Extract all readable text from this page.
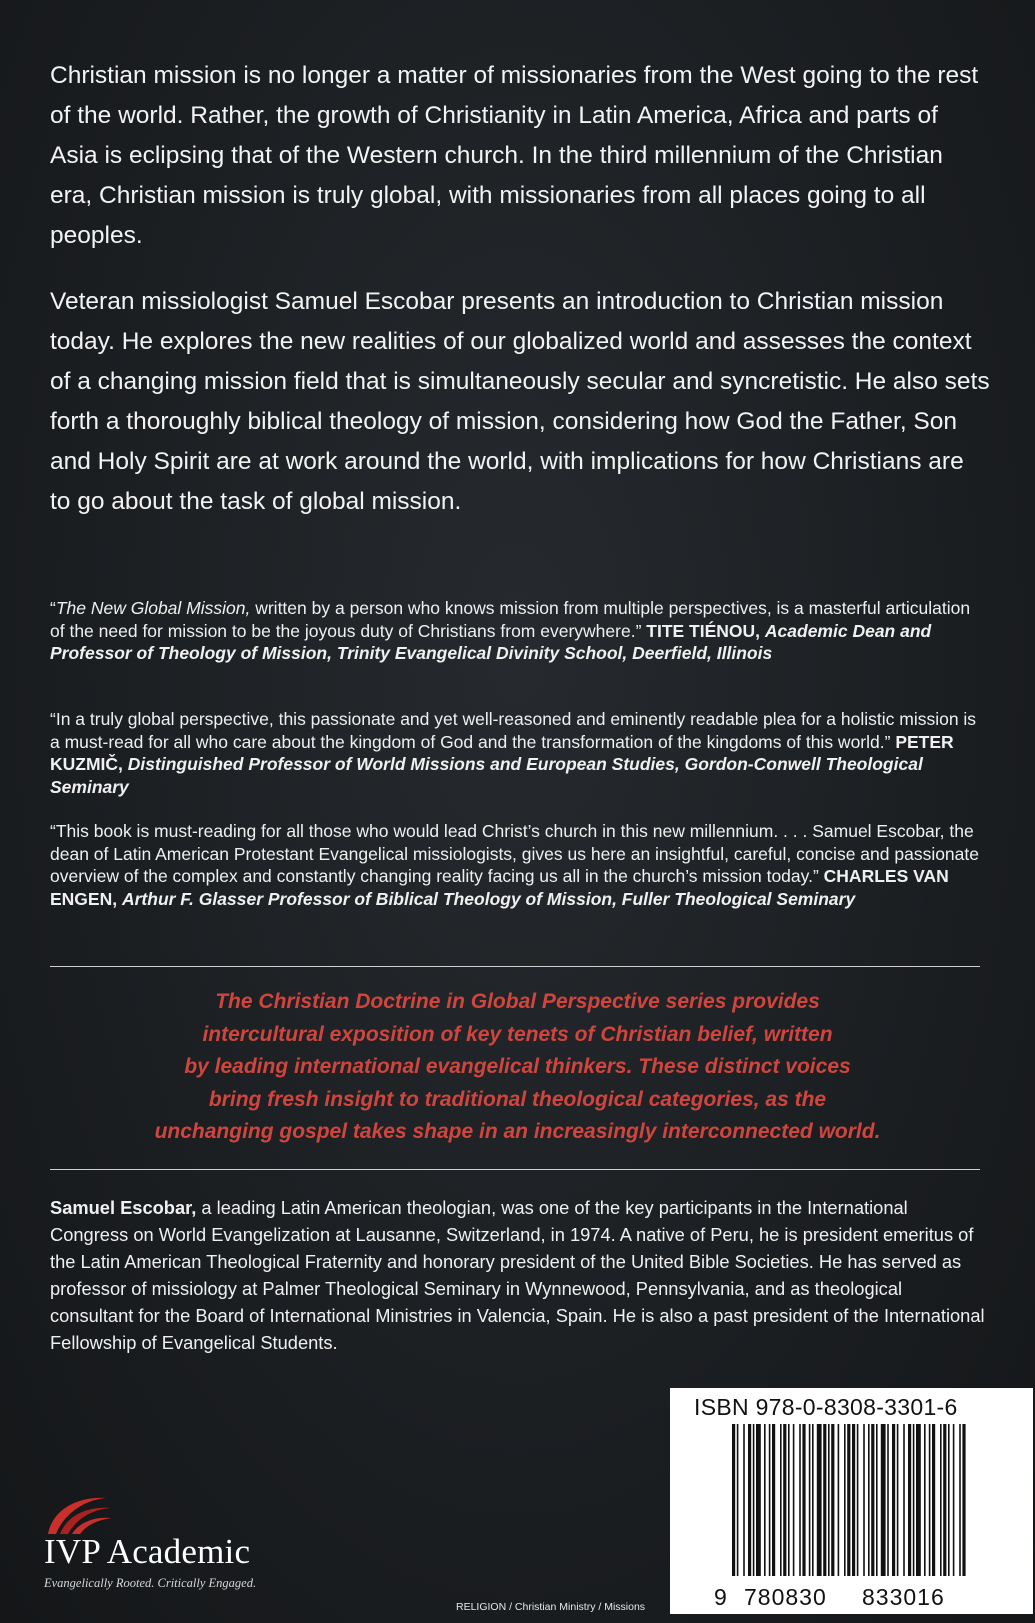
Christian mission is no longer a matter of missionaries from the West going to the rest of the world. Rather, the growth of Christianity in Latin America, Africa and parts of Asia is eclipsing that of the Western church. In the third millennium of the Christian era, Christian mission is truly global, with missionaries from all places going to all peoples.

Veteran missiologist Samuel Escobar presents an introduction to Christian mission today. He explores the new realities of our globalized world and assesses the context of a changing mission field that is simultaneously secular and syncretistic. He also sets forth a thoroughly biblical theology of mission, considering how God the Father, Son and Holy Spirit are at work around the world, with implications for how Christians are to go about the task of global mission.

“The New Global Mission, written by a person who knows mission from multiple perspectives, is a masterful articulation of the need for mission to be the joyous duty of Christians from everywhere.” TITE TIÉNOU, Academic Dean and Professor of Theology of Mission, Trinity Evangelical Divinity School, Deerfield, Illinois

“In a truly global perspective, this passionate and yet well-reasoned and eminently readable plea for a holistic mission is a must-read for all who care about the kingdom of God and the transformation of the kingdoms of this world.” PETER KUZMIČ, Distinguished Professor of World Missions and European Studies, Gordon-Conwell Theological Seminary

“This book is must-reading for all those who would lead Christ’s church in this new millennium. . . . Samuel Escobar, the dean of Latin American Protestant Evangelical missiologists, gives us here an insightful, careful, concise and passionate overview of the complex and constantly changing reality facing us all in the church’s mission today.” CHARLES VAN ENGEN, Arthur F. Glasser Professor of Biblical Theology of Mission, Fuller Theological Seminary

The Christian Doctrine in Global Perspective series provides
intercultural exposition of key tenets of Christian belief, written
by leading international evangelical thinkers. These distinct voices
bring fresh insight to traditional theological categories, as the
unchanging gospel takes shape in an increasingly interconnected world.

Samuel Escobar, a leading Latin American theologian, was one of the key participants in the International Congress on World Evangelization at Lausanne, Switzerland, in 1974. A native of Peru, he is president emeritus of the Latin American Theological Fraternity and honorary president of the United Bible Societies. He has served as professor of missiology at Palmer Theological Seminary in Wynnewood, Pennsylvania, and as theological consultant for the Board of International Ministries in Valencia, Spain. He is also a past president of the International Fellowship of Evangelical Students.

IVP Academic
Evangelically Rooted. Critically Engaged.
RELIGION / Christian Ministry / Missions
ISBN 978-0-8308-3301-6
9 780830 833016
